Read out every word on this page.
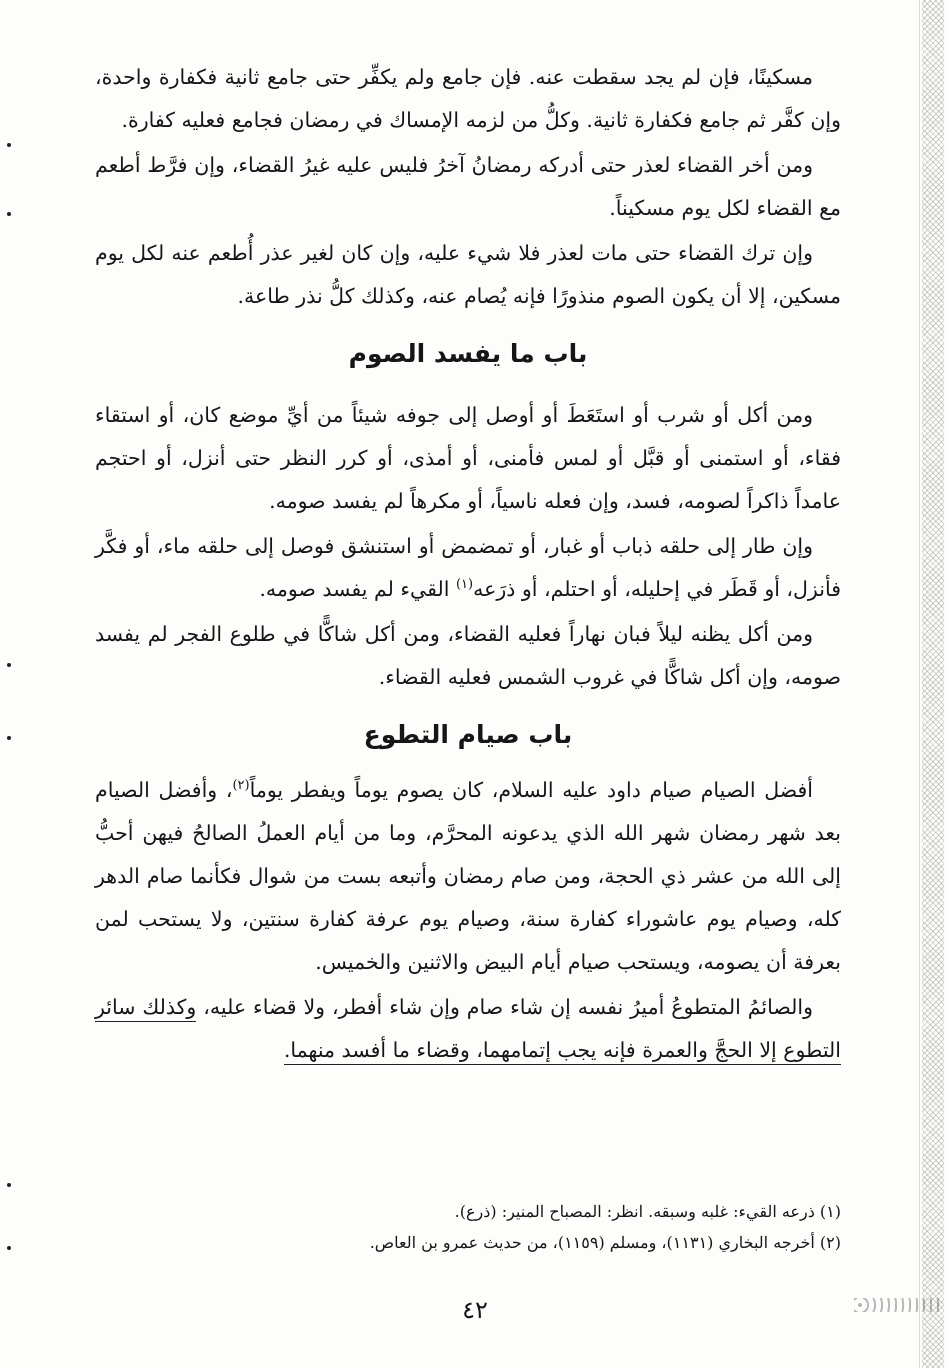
مسكينًا، فإن لم يجد سقطت عنه. فإن جامع ولم يكفِّر حتى جامع ثانية فكفارة واحدة، وإن كفَّر ثم جامع فكفارة ثانية. وكلُّ من لزمه الإمساك في رمضان فجامع فعليه كفارة.

ومن أخر القضاء لعذر حتى أدركه رمضانُ آخرُ فليس عليه غيرُ القضاء، وإن فرَّط أطعم مع القضاء لكل يوم مسكيناً.

وإن ترك القضاء حتى مات لعذر فلا شيء عليه، وإن كان لغير عذر أُطعم عنه لكل يوم مسكين، إلا أن يكون الصوم منذورًا فإنه يُصام عنه، وكذلك كلُّ نذر طاعة.

باب ما يفسد الصوم

ومن أكل أو شرب أو استَعَطَ أو أوصل إلى جوفه شيئاً من أيِّ موضع كان، أو استقاء فقاء، أو استمنى أو قبَّل أو لمس فأمنى، أو أمذى، أو كرر النظر حتى أنزل، أو احتجم عامداً ذاكراً لصومه، فسد، وإن فعله ناسياً، أو مكرهاً لم يفسد صومه.

وإن طار إلى حلقه ذباب أو غبار، أو تمضمض أو استنشق فوصل إلى حلقه ماء، أو فكَّر فأنزل، أو قَطَر في إحليله، أو احتلم، أو ذرَعه$^{(١)}$ القيء لم يفسد صومه.

ومن أكل يظنه ليلاً فبان نهاراً فعليه القضاء، ومن أكل شاكًّا في طلوع الفجر لم يفسد صومه، وإن أكل شاكًّا في غروب الشمس فعليه القضاء.

باب صيام التطوع

أفضل الصيام صيام داود عليه السلام، كان يصوم يوماً ويفطر يوماً$^{(٢)}$، وأفضل الصيام بعد شهر رمضان شهر الله الذي يدعونه المحرَّم، وما من أيام العملُ الصالحُ فيهن أحبُّ إلى الله من عشر ذي الحجة، ومن صام رمضان وأتبعه بست من شوال فكأنما صام الدهر كله، وصيام يوم عاشوراء كفارة سنة، وصيام يوم عرفة كفارة سنتين، ولا يستحب لمن بعرفة أن يصومه، ويستحب صيام أيام البيض والاثنين والخميس.

والصائمُ المتطوعُ أميرُ نفسه إن شاء صام وإن شاء أفطر، ولا قضاء عليه، وكذلك سائر التطوع إلا الحجَّ والعمرة فإنه يجب إتمامهما، وقضاء ما أفسد منهما.

(١) ذرعه القيء: غلبه وسبقه. انظر: المصباح المنير: (ذرع).

(٢) أخرجه البخاري (١١٣١)، ومسلم (١١٥٩)، من حديث عمرو بن العاص.

٤٢
